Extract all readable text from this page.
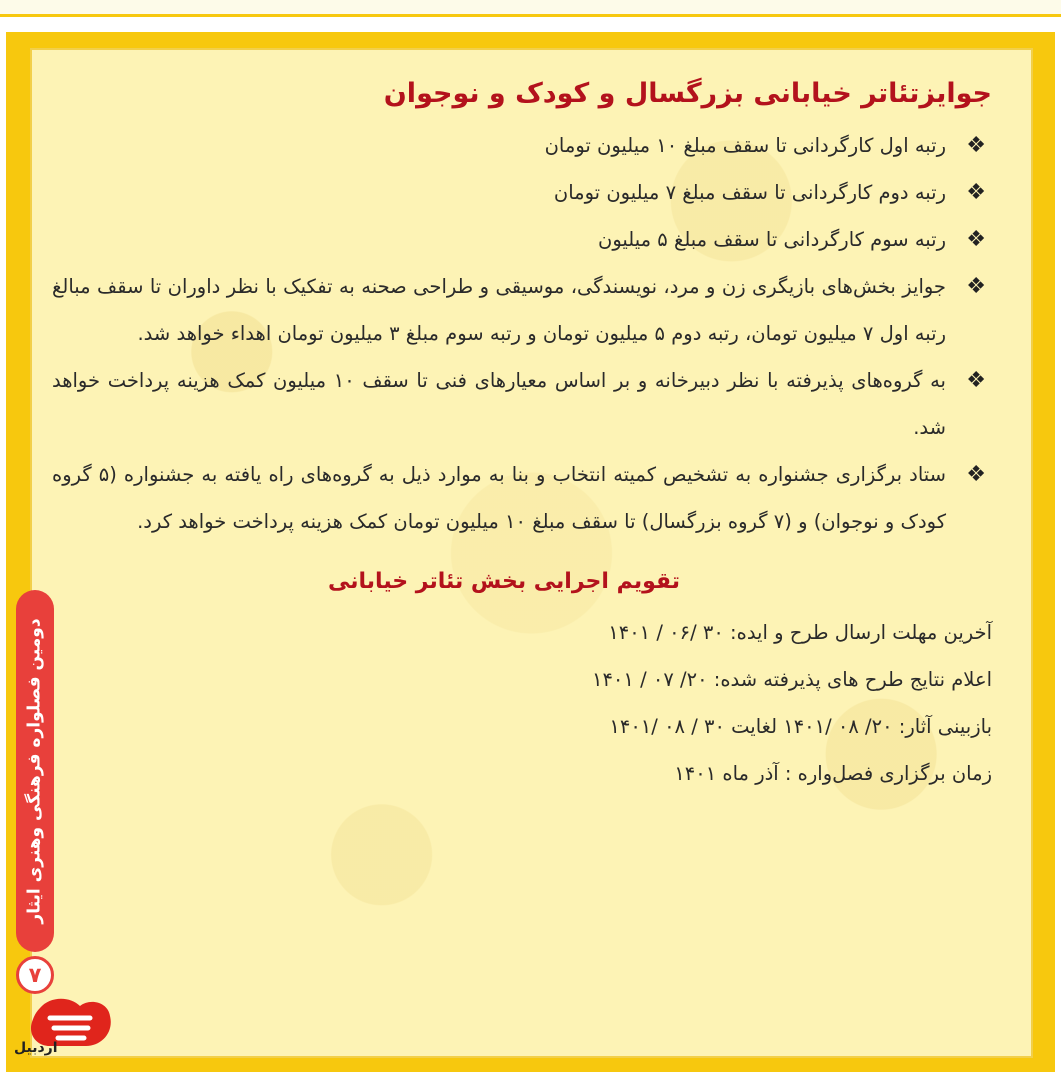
جوایزتئاتر خیابانی بزرگسال و کودک و نوجوان
❖
رتبه اول کارگردانی تا سقف مبلغ ۱۰ میلیون تومان
❖
رتبه دوم کارگردانی تا سقف مبلغ ۷ میلیون تومان
❖
رتبه سوم کارگردانی تا سقف مبلغ ۵ میلیون
❖
جوایز بخش‌های بازیگری زن و مرد، نویسندگی، موسیقی و طراحی صحنه به تفکیک با نظر داوران تا سقف مبالغ رتبه اول ۷ میلیون تومان، رتبه دوم ۵ میلیون تومان و رتبه سوم مبلغ ۳ میلیون تومان اهداء خواهد شد.
❖
به گروه‌های پذیرفته با نظر دبیرخانه و بر اساس معیارهای فنی تا سقف ۱۰ میلیون کمک هزینه پرداخت خواهد شد.
❖
ستاد برگزاری جشنواره به تشخیص کمیته انتخاب و بنا به موارد ذیل به گروه‌های راه یافته به جشنواره (۵ گروه کودک و نوجوان) و (۷ گروه بزرگسال) تا سقف مبلغ ۱۰ میلیون تومان کمک هزینه پرداخت خواهد کرد.
تقویم اجرایی بخش تئاتر خیابانی

آخرین مهلت ارسال طرح و ایده: ۳۰ /۰۶ / ۱۴۰۱

اعلام نتایج طرح های پذیرفته شده: ۲۰/ ۰۷ / ۱۴۰۱

بازبینی آثار: ۲۰/ ۰۸ /۱۴۰۱ لغایت ۳۰ / ۰۸ /۱۴۰۱

زمان برگزاری فصل‌واره : آذر ماه ۱۴۰۱

دومین فصلواره فرهنگی وهنری ایثار
۷
اردبیل
